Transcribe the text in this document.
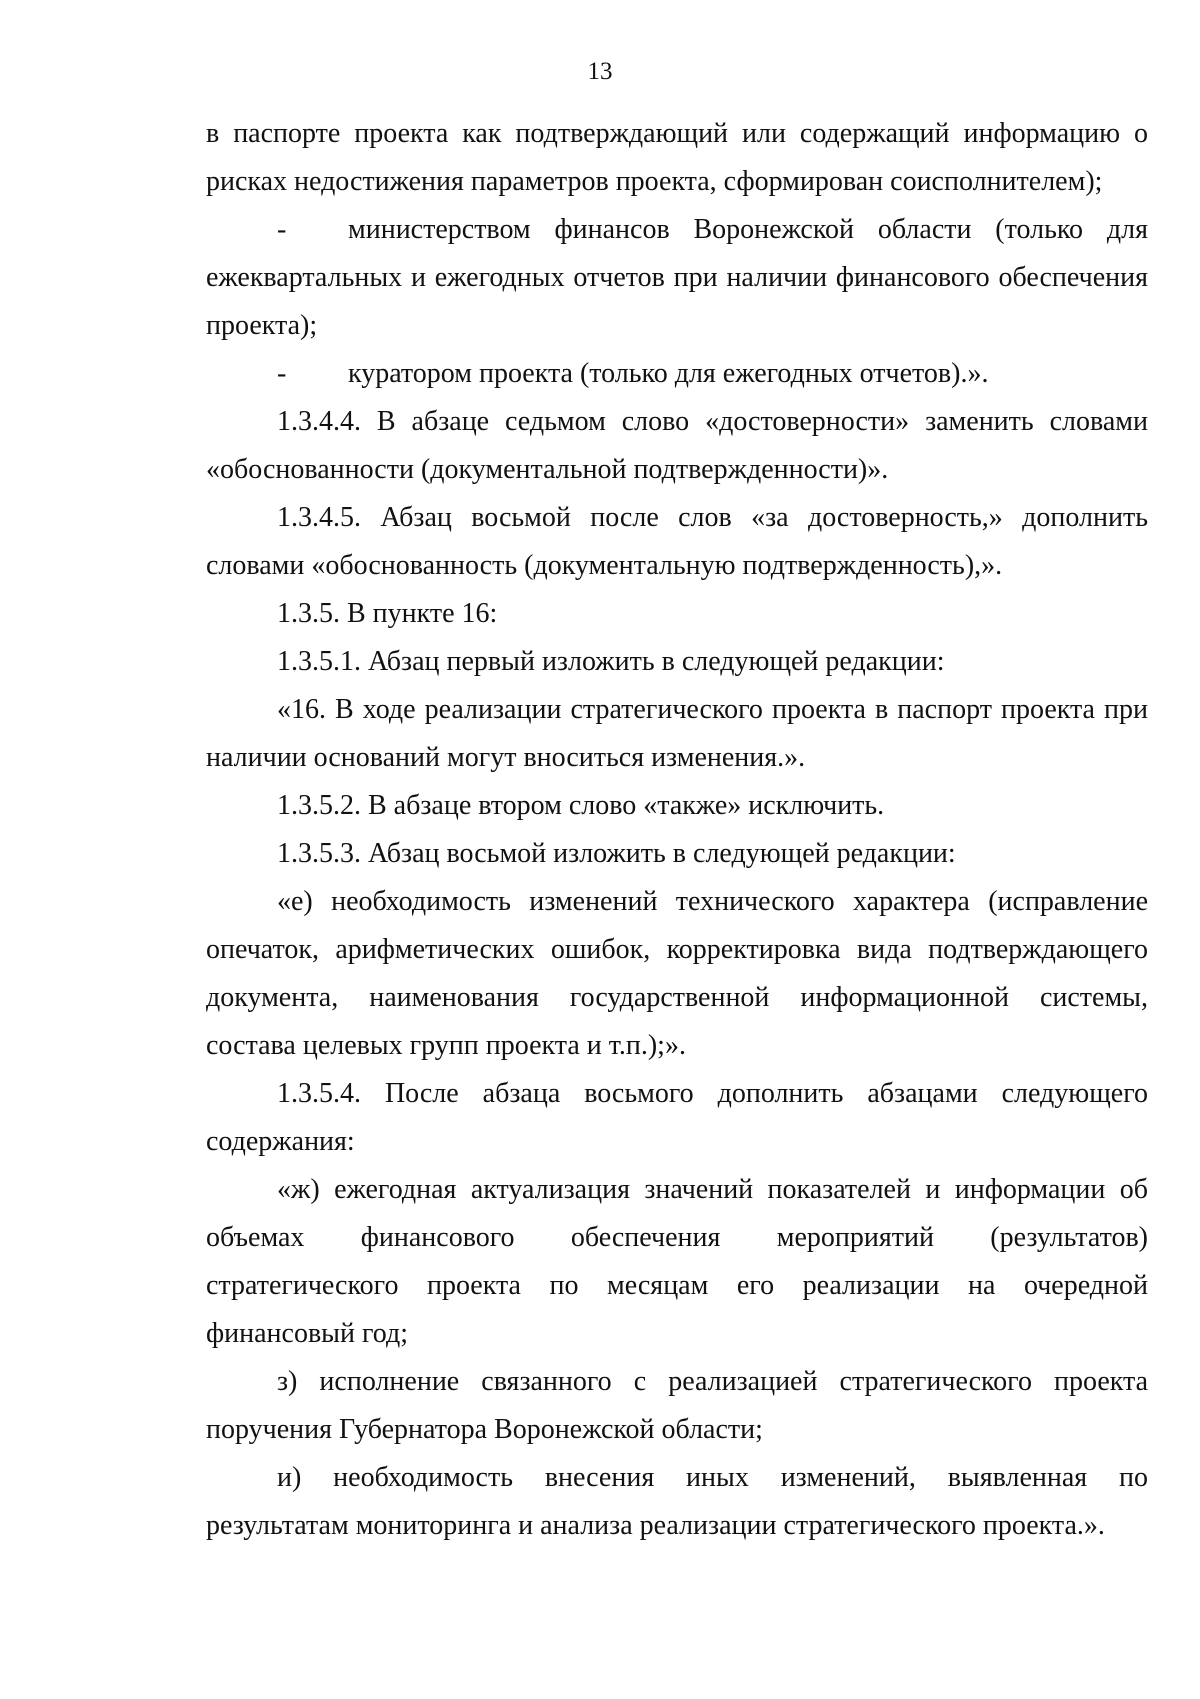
13

в паспорте проекта как подтверждающий или содержащий информацию о рисках недостижения параметров проекта, сформирован соисполнителем);

- министерством финансов Воронежской области (только для ежеквартальных и ежегодных отчетов при наличии финансового обеспечения проекта);

- куратором проекта (только для ежегодных отчетов).».

1.3.4.4. В абзаце седьмом слово «достоверности» заменить словами «обоснованности (документальной подтвержденности)».

1.3.4.5. Абзац восьмой после слов «за достоверность,» дополнить словами «обоснованность (документальную подтвержденность),».

1.3.5. В пункте 16:

1.3.5.1. Абзац первый изложить в следующей редакции:

«16. В ходе реализации стратегического проекта в паспорт проекта при наличии оснований могут вноситься изменения.».

1.3.5.2. В абзаце втором слово «также» исключить.

1.3.5.3. Абзац восьмой изложить в следующей редакции:

«е) необходимость изменений технического характера (исправление опечаток, арифметических ошибок, корректировка вида подтверждающего документа, наименования государственной информационной системы, состава целевых групп проекта и т.п.);».

1.3.5.4. После абзаца восьмого дополнить абзацами следующего содержания:

«ж) ежегодная актуализация значений показателей и информации об объемах финансового обеспечения мероприятий (результатов) стратегического проекта по месяцам его реализации на очередной финансовый год;

з) исполнение связанного с реализацией стратегического проекта поручения Губернатора Воронежской области;

и) необходимость внесения иных изменений, выявленная по результатам мониторинга и анализа реализации стратегического проекта.».
